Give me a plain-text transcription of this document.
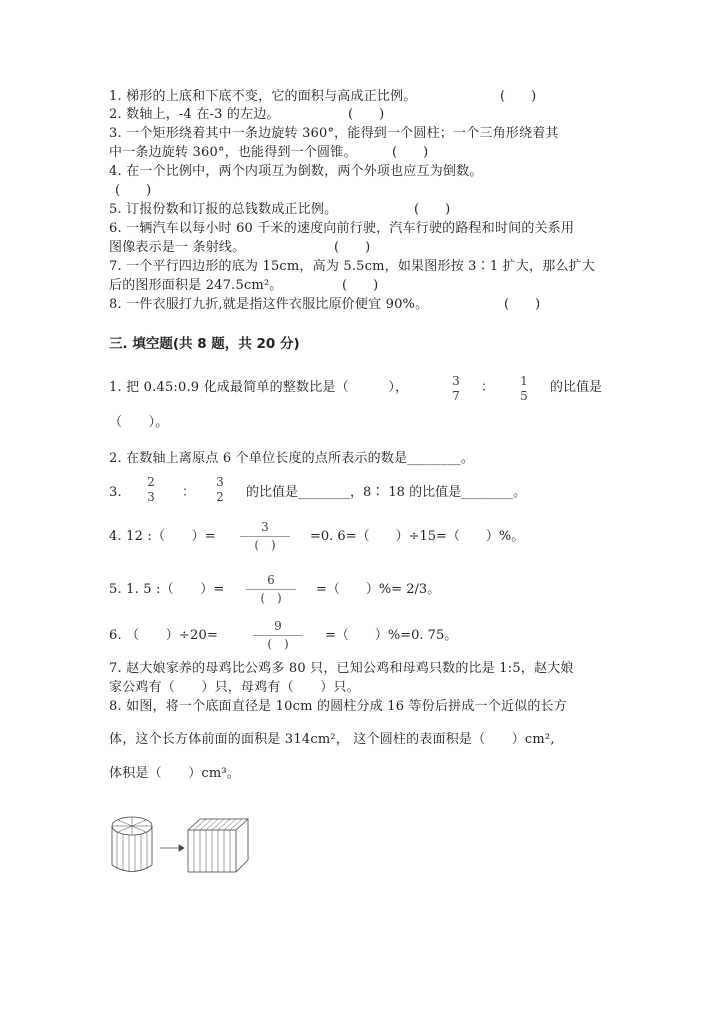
1. 梯形的上底和下底不变，它的面积与高成正比例。	(　　)
2. 数轴上，-4 在-3 的左边。	(　　)
3. 一个矩形绕着其中一条边旋转 360°，能得到一个圆柱；一个三角形绕着其
中一条边旋转 360°，也能得到一个圆锥。	(　　)
4. 在一个比例中，两个内项互为倒数，两个外项也应互为倒数。
(　　)
5. 订报份数和订报的总钱数成正比例。	(　　)
6. 一辆汽车以每小时 60 千米的速度向前行驶，汽车行驶的路程和时间的关系用
图像表示是一 条射线。	(　　)
7. 一个平行四边形的底为 15cm，高为 5.5cm，如果图形按 3∶1 扩大，那么扩大
后的图形面积是 247.5cm²。	(　　)
8. 一件衣服打九折,就是指这件衣服比原价便宜 90%。	(　　)
三. 填空题(共 8 题，共 20 分)
1. 把 0.45:0.9 化成最简单的整数比是（　　　），	3
7
：	1
5
的比值是
（　　）。
2. 在数轴上离原点 6 个单位长度的点所表示的数是________。
3.
2
3	：
3
2	的比值是________，8∶ 18 的比值是________。
4. 12 :（　　）=
3
(　)
=0. 6=（　　）÷15=（　　）%。
5. 1. 5 :（　　）=
6
(　)
=（　　）%= 2/3。
6. （　　）÷20=
9
(　)
=（　　）%=0. 75。
7. 赵大娘家养的母鸡比公鸡多 80 只，已知公鸡和母鸡只数的比是 1:5，赵大娘
家公鸡有（　　）只，母鸡有（　　）只。
8. 如图，将一个底面直径是 10cm 的圆柱分成 16 等份后拼成一个近似的长方
体，这个长方体前面的面积是 314cm²， 这个圆柱的表面积是（　　）cm²,
体积是（　　）cm³。
